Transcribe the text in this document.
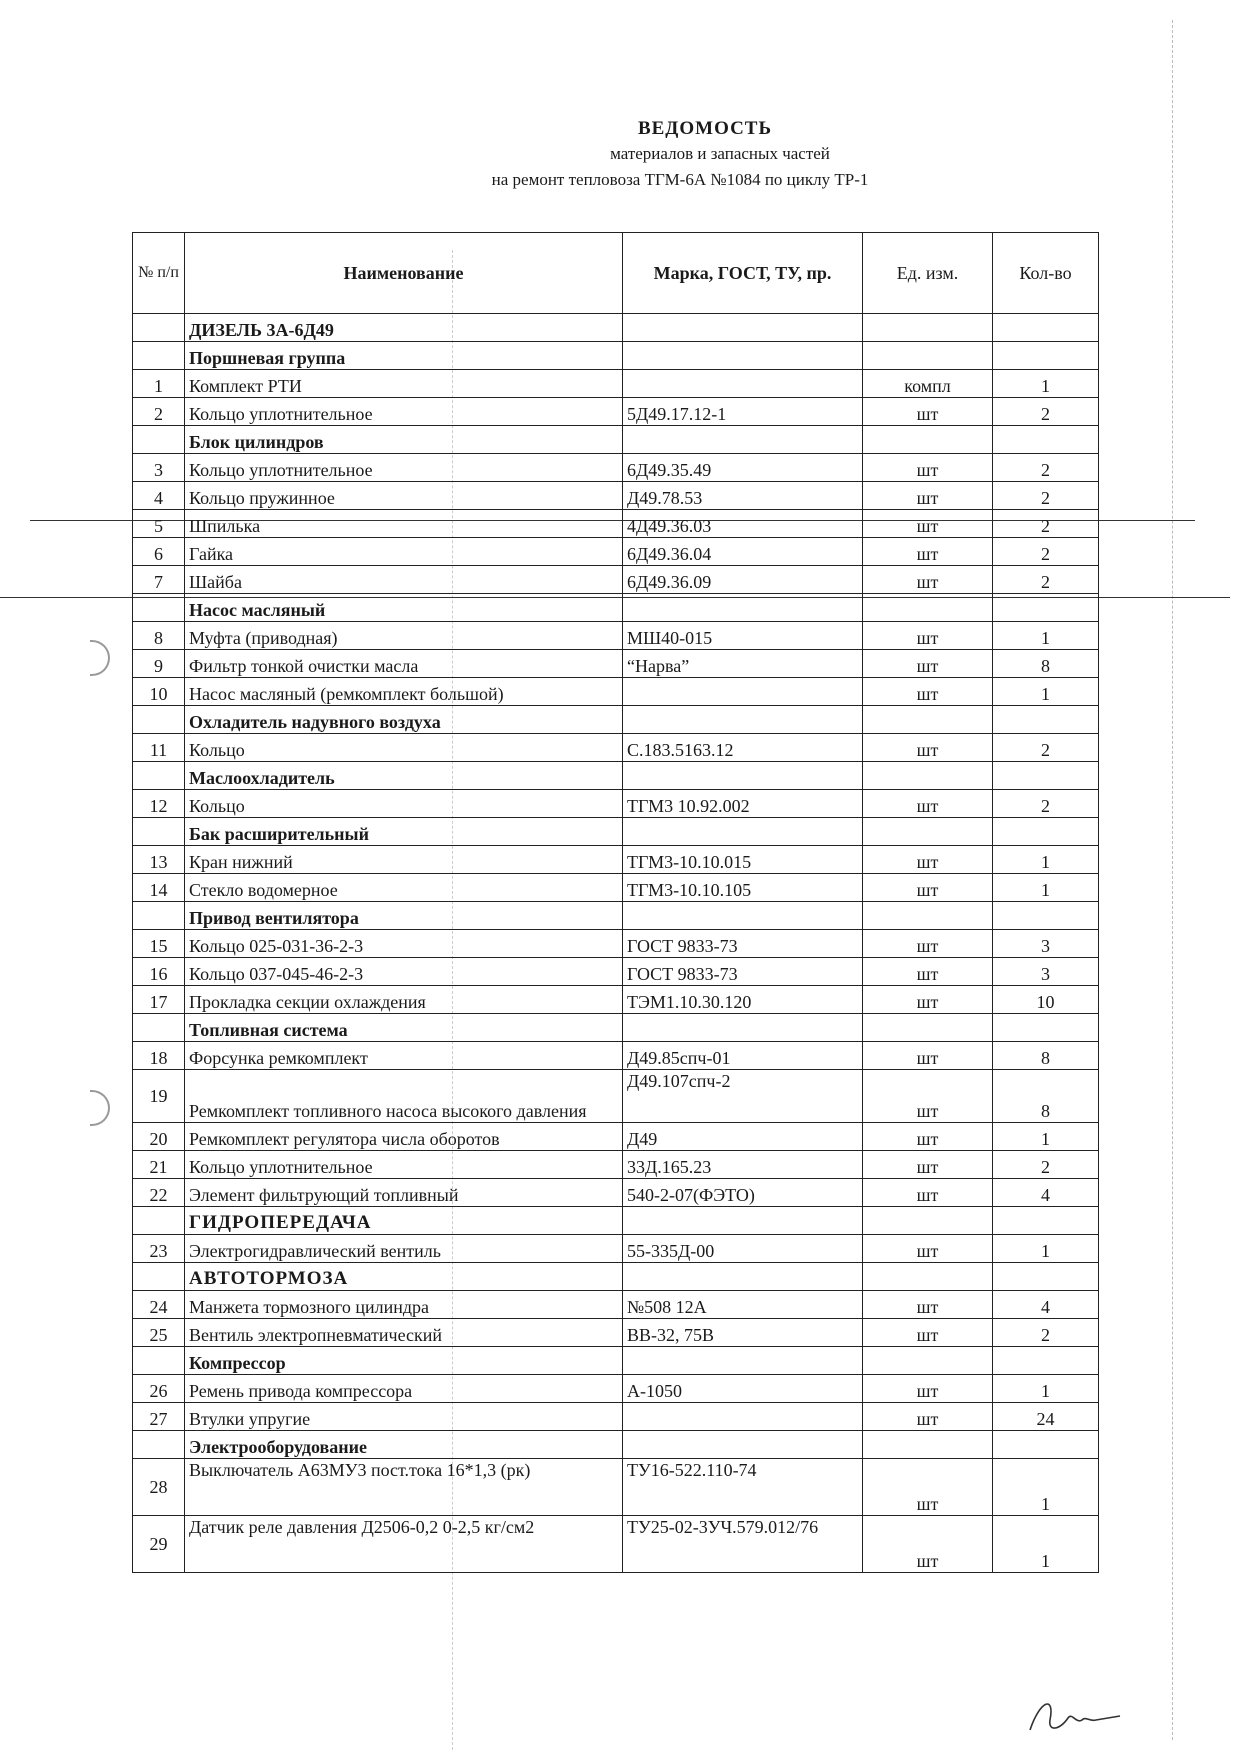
ВЕДОМОСТЬ
материалов и запасных частей
на ремонт тепловоза ТГМ-6А №1084 по циклу ТР-1
№ п/п	Наименование	Марка, ГОСТ, ТУ, пр.	Ед. изм.	Кол-во
	ДИЗЕЛЬ 3А-6Д49			
	Поршневая группа			
1	Комплект РТИ		компл	1
2	Кольцо уплотнительное	5Д49.17.12-1	шт	2
	Блок цилиндров			
3	Кольцо уплотнительное	6Д49.35.49	шт	2
4	Кольцо пружинное	Д49.78.53	шт	2
5	Шпилька	4Д49.36.03	шт	2
6	Гайка	6Д49.36.04	шт	2
7	Шайба	6Д49.36.09	шт	2
	Насос масляный			
8	Муфта (приводная)	МШ40-015	шт	1
9	Фильтр тонкой очистки масла	“Нарва”	шт	8
10	Насос масляный (ремкомплект большой)		шт	1
	Охладитель надувного воздуха			
11	Кольцо	С.183.5163.12	шт	2
	Маслоохладитель			
12	Кольцо	ТГМ3 10.92.002	шт	2
	Бак расширительный			
13	Кран нижний	ТГМ3-10.10.015	шт	1
14	Стекло водомерное	ТГМ3-10.10.105	шт	1
	Привод вентилятора			
15	Кольцо 025-031-36-2-3	ГОСТ 9833-73	шт	3
16	Кольцо 037-045-46-2-3	ГОСТ 9833-73	шт	3
17	Прокладка секции охлаждения	ТЭМ1.10.30.120	шт	10
	Топливная система			
18	Форсунка ремкомплект	Д49.85спч-01	шт	8
19	Ремкомплект топливного насоса высокого давления	Д49.107спч-2	шт	8
20	Ремкомплект регулятора числа оборотов	Д49	шт	1
21	Кольцо уплотнительное	33Д.165.23	шт	2
22	Элемент фильтрующий топливный	540-2-07(ФЭТО)	шт	4
	ГИДРОПЕРЕДАЧА			
23	Электрогидравлический вентиль	55-335Д-00	шт	1
	АВТОТОРМОЗА			
24	Манжета тормозного цилиндра	№508 12А	шт	4
25	Вентиль электропневматический	ВВ-32, 75В	шт	2
	Компрессор			
26	Ремень привода компрессора	А-1050	шт	1
27	Втулки упругие		шт	24
	Электрооборудование			
28	Выключатель А63МУ3 пост.тока 16*1,3 (рк)	ТУ16-522.110-74	шт	1
29	Датчик реле давления Д2506-0,2 0-2,5 кг/см2	ТУ25-02-3УЧ.579.012/76	шт	1
